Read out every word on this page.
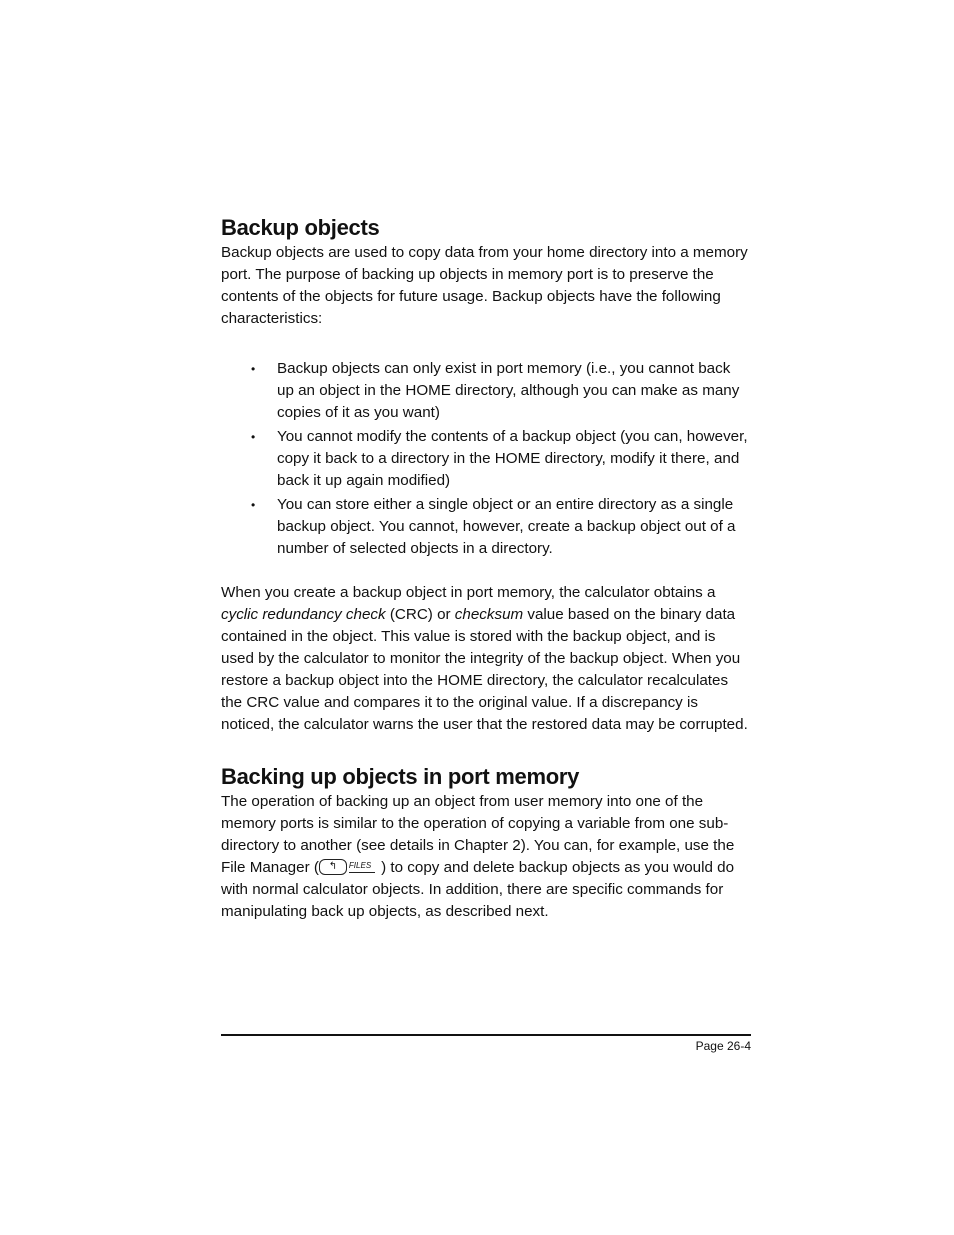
Backup objects

Backup objects are used to copy data from your home directory into a memory port. The purpose of backing up objects in memory port is to preserve the contents of the objects for future usage. Backup objects have the following characteristics:

• Backup objects can only exist in port memory (i.e., you cannot back up an object in the HOME directory, although you can make as many copies of it as you want)
• You cannot modify the contents of a backup object (you can, however, copy it back to a directory in the HOME directory, modify it there, and back it up again modified)
• You can store either a single object or an entire directory as a single backup object. You cannot, however, create a backup object out of a number of selected objects in a directory.

When you create a backup object in port memory, the calculator obtains a cyclic redundancy check (CRC) or checksum value based on the binary data contained in the object. This value is stored with the backup object, and is used by the calculator to monitor the integrity of the backup object. When you restore a backup object into the HOME directory, the calculator recalculates the CRC value and compares it to the original value. If a discrepancy is noticed, the calculator warns the user that the restored data may be corrupted.

Backing up objects in port memory

The operation of backing up an object from user memory into one of the memory ports is similar to the operation of copying a variable from one sub-directory to another (see details in Chapter 2). You can, for example, use the File Manager ( ↰ FILES ) to copy and delete backup objects as you would do with normal calculator objects. In addition, there are specific commands for manipulating back up objects, as described next.

Page 26-4
